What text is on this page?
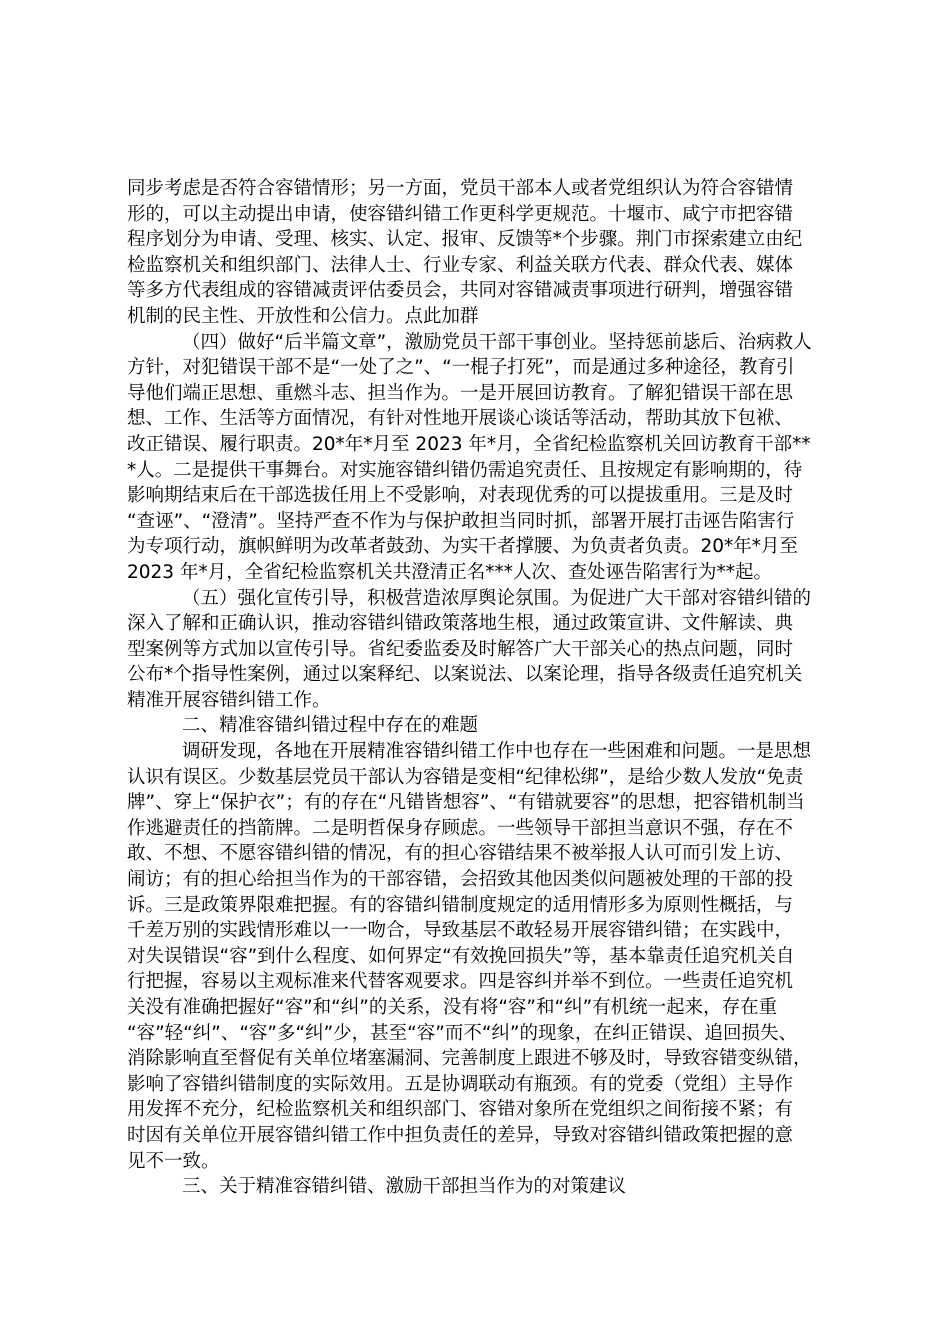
同步考虑是否符合容错情形；另一方面，党员干部本人或者党组织认为符合容错情
形的，可以主动提出申请，使容错纠错工作更科学更规范。十堰市、咸宁市把容错
程序划分为申请、受理、核实、认定、报审、反馈等*个步骤。荆门市探索建立由纪
检监察机关和组织部门、法律人士、行业专家、利益关联方代表、群众代表、媒体
等多方代表组成的容错减责评估委员会，共同对容错减责事项进行研判，增强容错
机制的民主性、开放性和公信力。点此加群

（四）做好“后半篇文章”，激励党员干部干事创业。坚持惩前毖后、治病救人
方针，对犯错误干部不是“一处了之”、“一棍子打死”，而是通过多种途径，教育引
导他们端正思想、重燃斗志、担当作为。一是开展回访教育。了解犯错误干部在思
想、工作、生活等方面情况，有针对性地开展谈心谈话等活动，帮助其放下包袱、
改正错误、履行职责。20*年*月至 2023 年*月，全省纪检监察机关回访教育干部**
*人。二是提供干事舞台。对实施容错纠错仍需追究责任、且按规定有影响期的，待
影响期结束后在干部选拔任用上不受影响，对表现优秀的可以提拔重用。三是及时
“查诬”、“澄清”。坚持严查不作为与保护敢担当同时抓，部署开展打击诬告陷害行
为专项行动，旗帜鲜明为改革者鼓劲、为实干者撑腰、为负责者负责。20*年*月至
2023 年*月，全省纪检监察机关共澄清正名***人次、查处诬告陷害行为**起。

（五）强化宣传引导，积极营造浓厚舆论氛围。为促进广大干部对容错纠错的
深入了解和正确认识，推动容错纠错政策落地生根，通过政策宣讲、文件解读、典
型案例等方式加以宣传引导。省纪委监委及时解答广大干部关心的热点问题，同时
公布*个指导性案例，通过以案释纪、以案说法、以案论理，指导各级责任追究机关
精准开展容错纠错工作。

二、精准容错纠错过程中存在的难题

调研发现，各地在开展精准容错纠错工作中也存在一些困难和问题。一是思想
认识有误区。少数基层党员干部认为容错是变相“纪律松绑”，是给少数人发放“免责
牌”、穿上“保护衣”；有的存在“凡错皆想容”、“有错就要容”的思想，把容错机制当
作逃避责任的挡箭牌。二是明哲保身存顾虑。一些领导干部担当意识不强，存在不
敢、不想、不愿容错纠错的情况，有的担心容错结果不被举报人认可而引发上访、
闹访；有的担心给担当作为的干部容错，会招致其他因类似问题被处理的干部的投
诉。三是政策界限难把握。有的容错纠错制度规定的适用情形多为原则性概括，与
千差万别的实践情形难以一一吻合，导致基层不敢轻易开展容错纠错；在实践中，
对失误错误“容”到什么程度、如何界定“有效挽回损失”等，基本靠责任追究机关自
行把握，容易以主观标准来代替客观要求。四是容纠并举不到位。一些责任追究机
关没有准确把握好“容”和“纠”的关系，没有将“容”和“纠”有机统一起来，存在重
“容”轻“纠”、“容”多“纠”少，甚至“容”而不“纠”的现象，在纠正错误、追回损失、
消除影响直至督促有关单位堵塞漏洞、完善制度上跟进不够及时，导致容错变纵错，
影响了容错纠错制度的实际效用。五是协调联动有瓶颈。有的党委（党组）主导作
用发挥不充分，纪检监察机关和组织部门、容错对象所在党组织之间衔接不紧；有
时因有关单位开展容错纠错工作中担负责任的差异，导致对容错纠错政策把握的意
见不一致。

三、关于精准容错纠错、激励干部担当作为的对策建议
